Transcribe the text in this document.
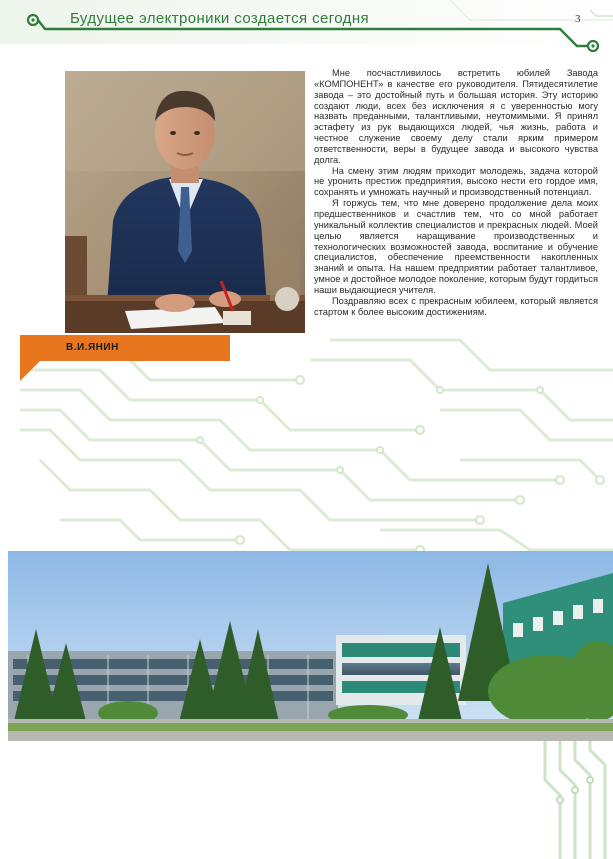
Будущее электроники создается сегодня	3
В.И.ЯНИН

Мне посчастливилось встретить юбилей Завода «КОМПОНЕНТ» в качестве его руководителя. Пятидесятилетие завода – это достойный путь и большая история. Эту историю создают люди, всех без исключения я с уверенностью могу назвать преданными, талантливыми, неутомимыми. Я принял эстафету из рук выдающихся людей, чья жизнь, работа и честное служение своему делу стали ярким примером ответственности, веры в будущее завода и высокого чувства долга.

На смену этим людям приходит молодежь, задача которой не уронить престиж предприятия, высоко нести его гордое имя, сохранять и умножать научный и производственный потенциал.

Я горжусь тем, что мне доверено продолжение дела моих предшественников и счастлив тем, что со мной работает уникальный коллектив специалистов и прекрасных людей. Моей целью является наращивание производственных и технологических возможностей завода, воспитание и обучение специалистов, обеспечение преемственности накопленных знаний и опыта. На нашем предприятии работает талантливое, умное и достойное молодое поколение, которым будут гордиться наши выдающиеся учителя.

Поздравляю всех с прекрасным юбилеем, который является стартом к более высоким достижениям.
